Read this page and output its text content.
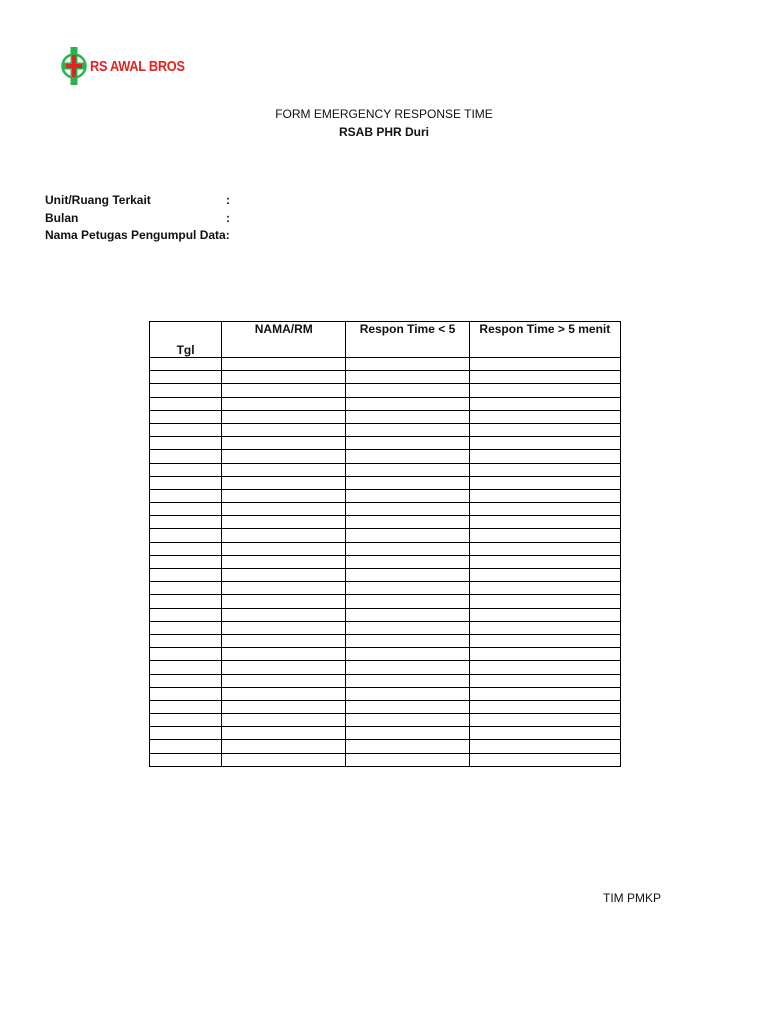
RS AWAL BROS
FORM EMERGENCY RESPONSE TIME
RSAB PHR Duri
Unit/Ruang Terkait	:
Bulan	:
Nama Petugas Pengumpul Data:
Tgl	NAMA/RM	Respon Time < 5	Respon Time > 5 menit

TIM PMKP
